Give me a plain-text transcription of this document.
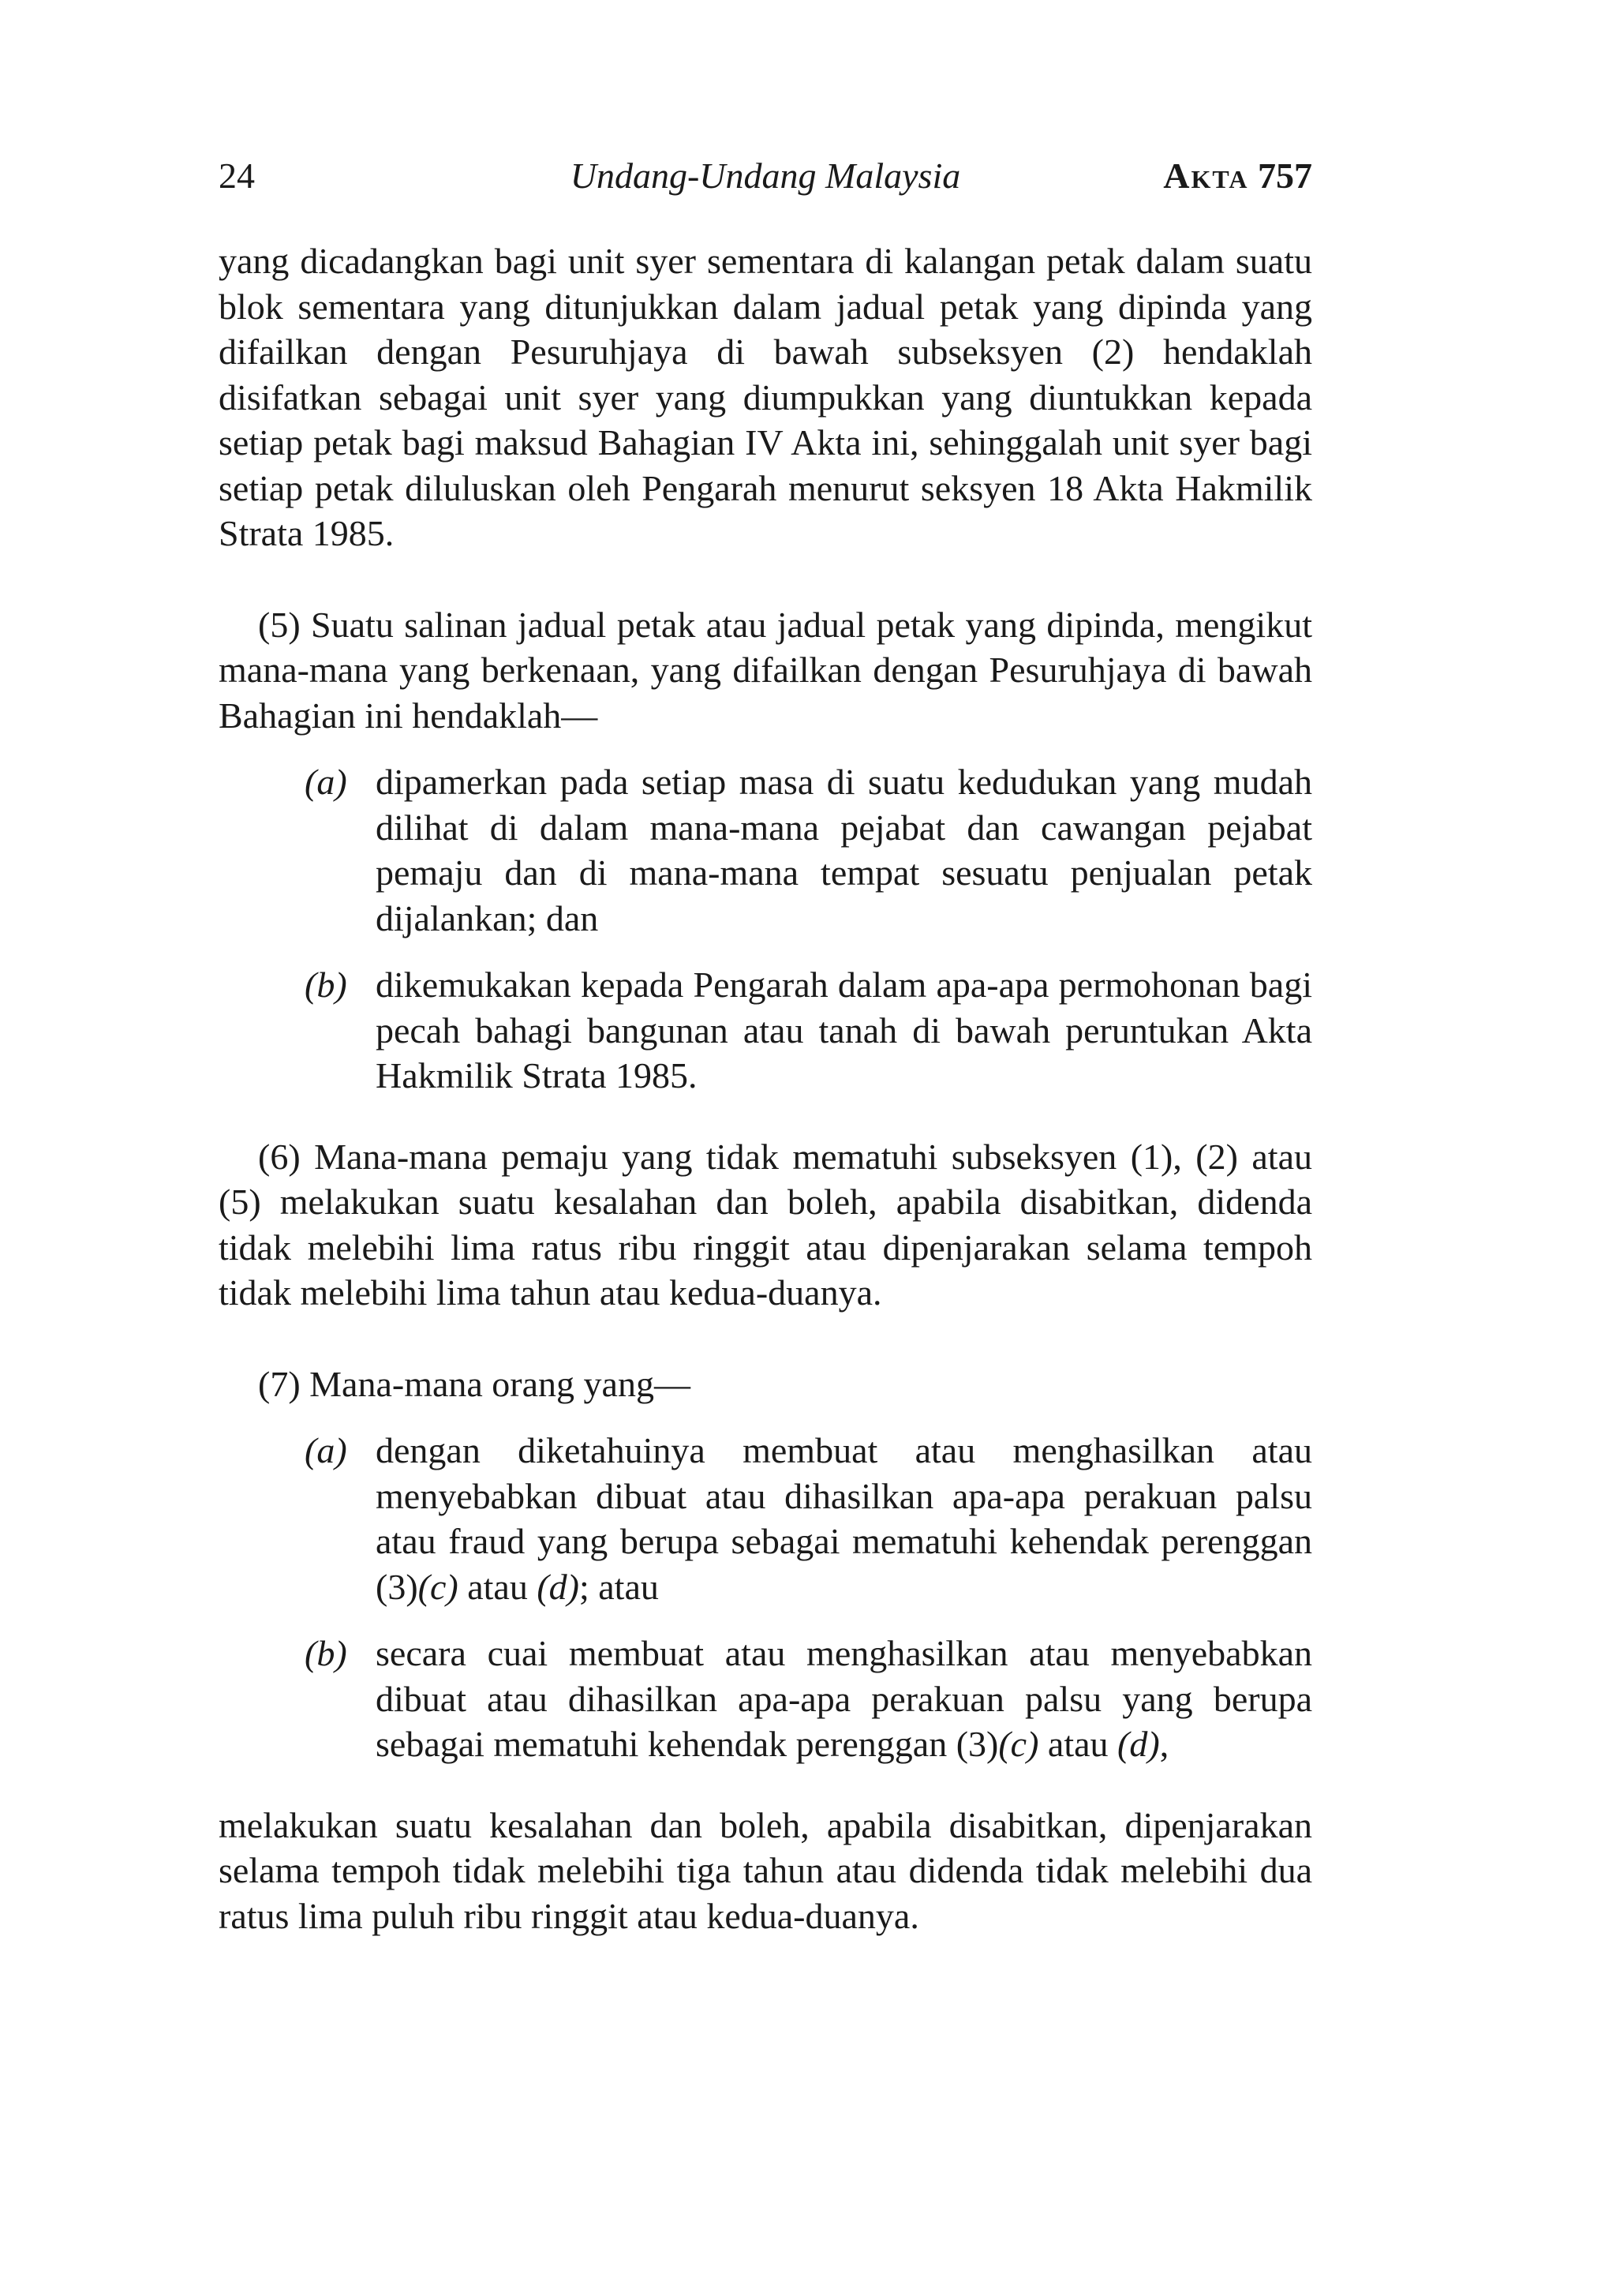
24	Undang-Undang Malaysia	Akta 757

yang dicadangkan bagi unit syer sementara di kalangan petak dalam suatu blok sementara yang ditunjukkan dalam jadual petak yang dipinda yang difailkan dengan Pesuruhjaya di bawah subseksyen (2) hendaklah disifatkan sebagai unit syer yang diumpukkan yang diuntukkan kepada setiap petak bagi maksud Bahagian IV Akta ini, sehinggalah unit syer bagi setiap petak diluluskan oleh Pengarah menurut seksyen 18 Akta Hakmilik Strata 1985.

(5) Suatu salinan jadual petak atau jadual petak yang dipinda, mengikut mana-mana yang berkenaan, yang difailkan dengan Pesuruhjaya di bawah Bahagian ini hendaklah—

(a) dipamerkan pada setiap masa di suatu kedudukan yang mudah dilihat di dalam mana-mana pejabat dan cawangan pejabat pemaju dan di mana-mana tempat sesuatu penjualan petak dijalankan; dan
(b) dikemukakan kepada Pengarah dalam apa-apa permohonan bagi pecah bahagi bangunan atau tanah di bawah peruntukan Akta Hakmilik Strata 1985.

(6) Mana-mana pemaju yang tidak mematuhi subseksyen (1), (2) atau (5) melakukan suatu kesalahan dan boleh, apabila disabitkan, didenda tidak melebihi lima ratus ribu ringgit atau dipenjarakan selama tempoh tidak melebihi lima tahun atau kedua-duanya.

(7) Mana-mana orang yang—

(a) dengan diketahuinya membuat atau menghasilkan atau menyebabkan dibuat atau dihasilkan apa-apa perakuan palsu atau fraud yang berupa sebagai mematuhi kehendak perenggan (3)(c) atau (d); atau
(b) secara cuai membuat atau menghasilkan atau menyebabkan dibuat atau dihasilkan apa-apa perakuan palsu yang berupa sebagai mematuhi kehendak perenggan (3)(c) atau (d),

melakukan suatu kesalahan dan boleh, apabila disabitkan, dipenjarakan selama tempoh tidak melebihi tiga tahun atau didenda tidak melebihi dua ratus lima puluh ribu ringgit atau kedua-duanya.
